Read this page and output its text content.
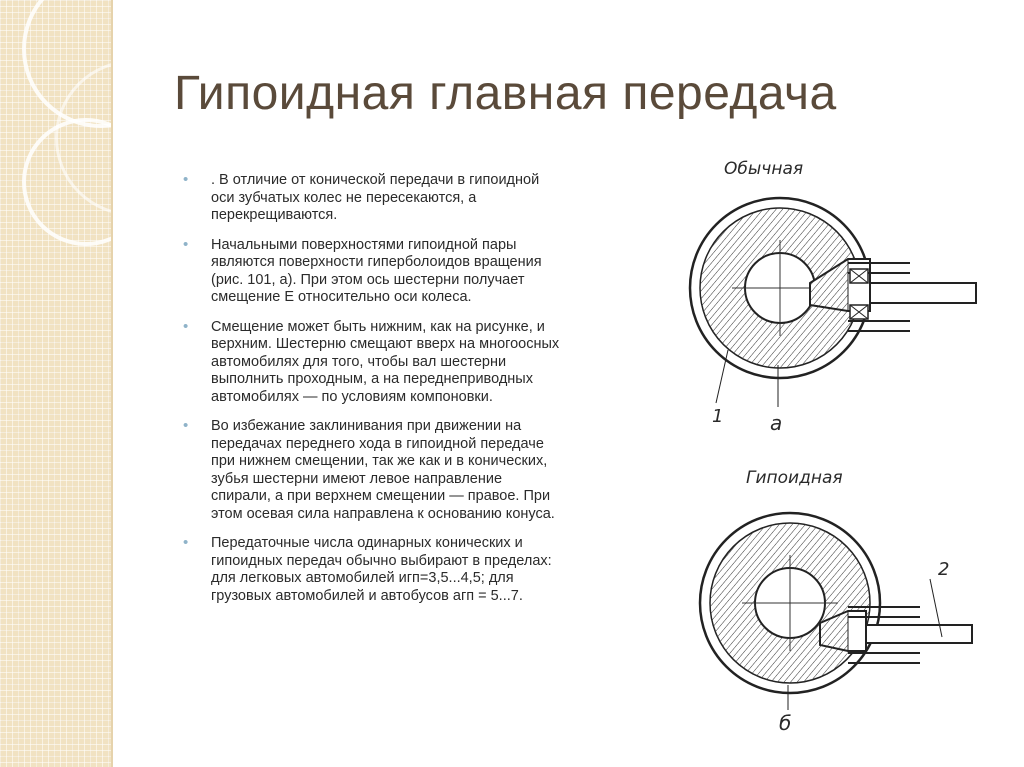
Гипоидная главная передача
• . В отличие от конической передачи в гипоидной оси зубчатых колес не пересекаются, а перекрещиваются.
• Начальными поверхностями гипоидной пары являются поверхности гиперболоидов вращения (рис. 101, а). При этом ось шестерни получает смещение Е относительно оси колеса.
• Смещение может быть нижним, как на рисунке, и верхним. Шестерню смещают вверх на многоосных автомобилях для того, чтобы вал шестерни выполнить проходным, а на переднеприводных автомобилях — по условиям компоновки.
• Во избежание заклинивания при движении на передачах переднего хода в гипоидной передаче при нижнем смещении, так же как и в конических, зубья шестерни имеют левое направление спирали, а при верхнем смещении — правое. При этом осевая сила направлена к основанию конуса.
• Передаточные числа одинарных конических и гипоидных передач обычно выбирают в пределах: для легковых автомобилей игп=3,5...4,5; для грузовых автомобилей и автобусов агп = 5...7.
Обычная
1 а
Гипоидная
2
б
